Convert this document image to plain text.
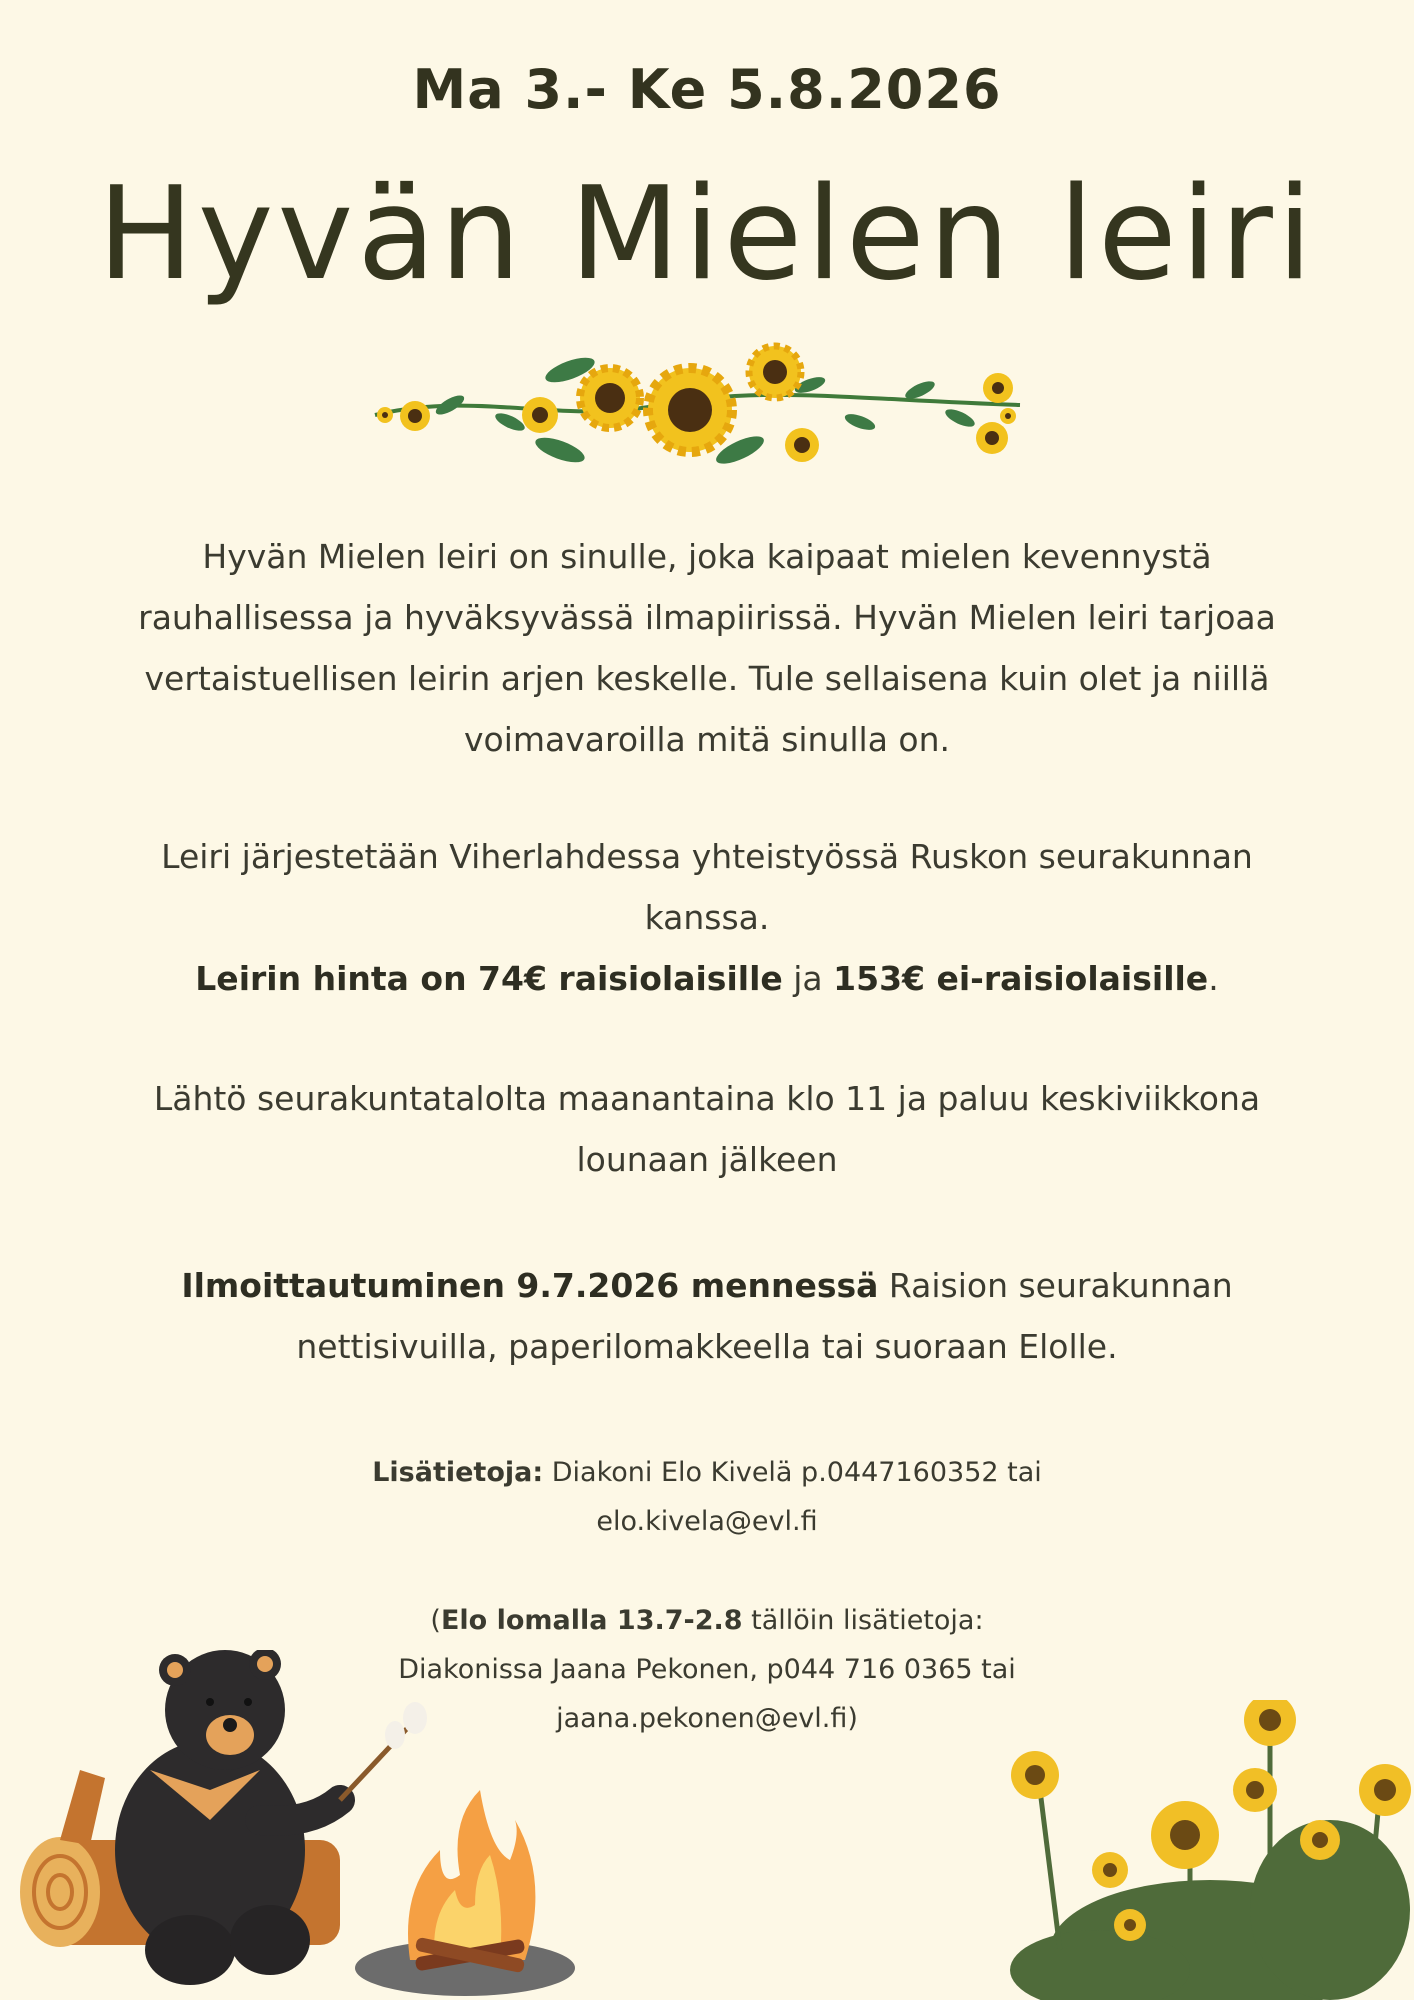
Ma 3.- Ke 5.8.2026
Hyvän Mielen leiri
Hyvän Mielen leiri on sinulle, joka kaipaat mielen kevennystä
rauhallisessa ja hyväksyvässä ilmapiirissä. Hyvän Mielen leiri tarjoaa
vertaistuellisen leirin arjen keskelle. Tule sellaisena kuin olet ja niillä
voimavaroilla mitä sinulla on.
Leiri järjestetään Viherlahdessa yhteistyössä Ruskon seurakunnan
kanssa.
Leirin hinta on 74€ raisiolaisille ja 153€ ei-raisiolaisille.
Lähtö seurakuntatalolta maanantaina klo 11 ja paluu keskiviikkona
lounaan jälkeen
Ilmoittautuminen 9.7.2026 mennessä Raision seurakunnan
nettisivuilla, paperilomakkeella tai suoraan Elolle.
Lisätietoja: Diakoni Elo Kivelä p.0447160352 tai
elo.kivela@evl.fi
(Elo lomalla 13.7-2.8 tällöin lisätietoja:
Diakonissa Jaana Pekonen, p044 716 0365 tai
jaana.pekonen@evl.fi)
